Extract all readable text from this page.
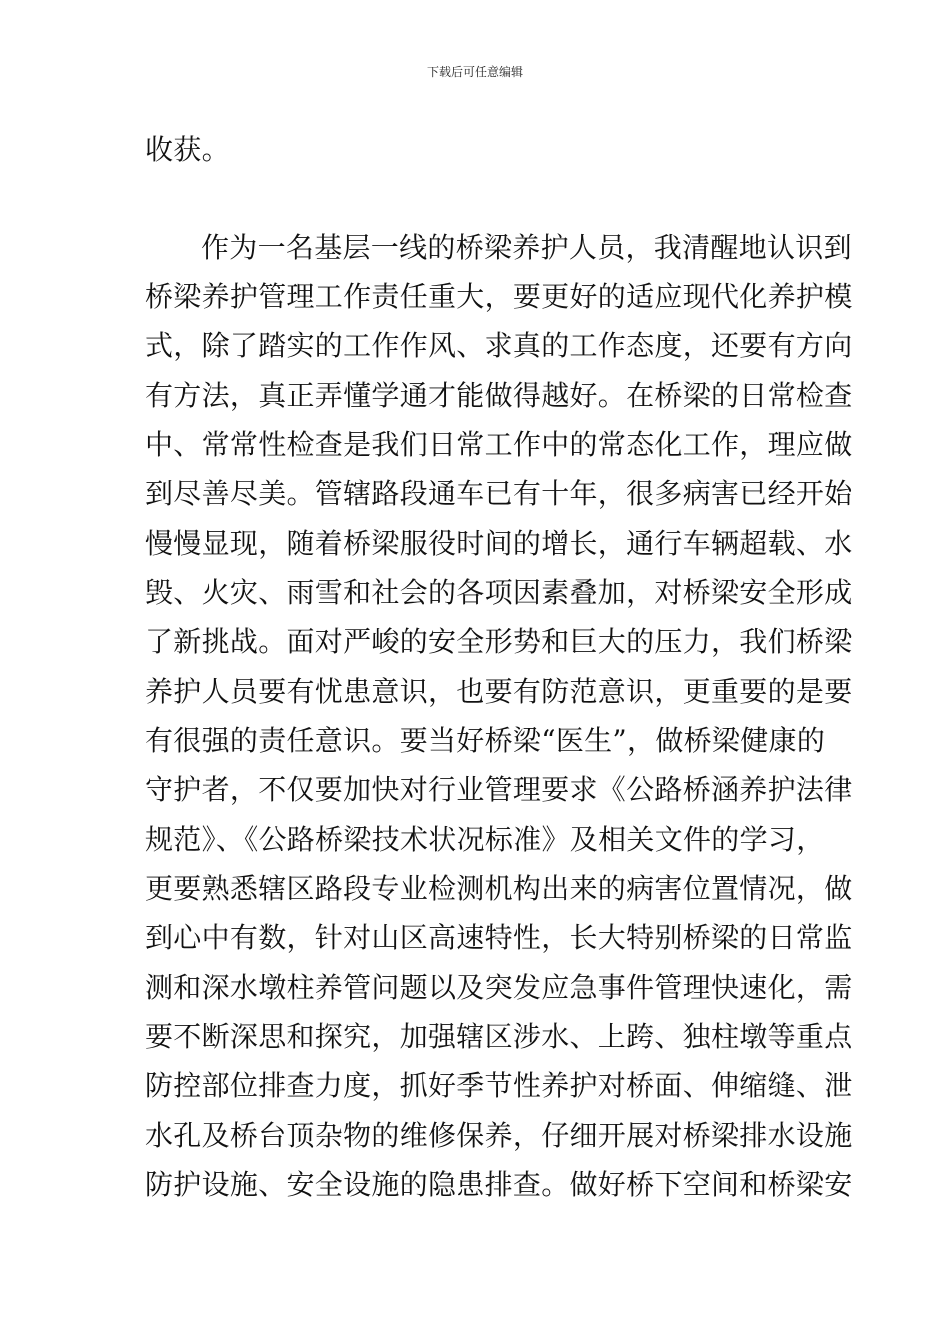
下载后可任意编辑
收获。
作为一名基层一线的桥梁养护人员，我清醒地认识到
桥梁养护管理工作责任重大，要更好的适应现代化养护模
式，除了踏实的工作作风、求真的工作态度，还要有方向
有方法，真正弄懂学通才能做得越好。在桥梁的日常检查
中、常常性检查是我们日常工作中的常态化工作，理应做
到尽善尽美。管辖路段通车已有十年，很多病害已经开始
慢慢显现，随着桥梁服役时间的增长，通行车辆超载、水
毁、火灾、雨雪和社会的各项因素叠加，对桥梁安全形成
了新挑战。面对严峻的安全形势和巨大的压力，我们桥梁
养护人员要有忧患意识，也要有防范意识，更重要的是要
有很强的责任意识。要当好桥梁“医生”，做桥梁健康的
守护者，不仅要加快对行业管理要求《公路桥涵养护法律
规范》、《公路桥梁技术状况标准》及相关文件的学习，
更要熟悉辖区路段专业检测机构出来的病害位置情况，做
到心中有数，针对山区高速特性，长大特别桥梁的日常监
测和深水墩柱养管问题以及突发应急事件管理快速化，需
要不断深思和探究，加强辖区涉水、上跨、独柱墩等重点
防控部位排查力度，抓好季节性养护对桥面、伸缩缝、泄
水孔及桥台顶杂物的维修保养，仔细开展对桥梁排水设施
防护设施、安全设施的隐患排查。做好桥下空间和桥梁安
